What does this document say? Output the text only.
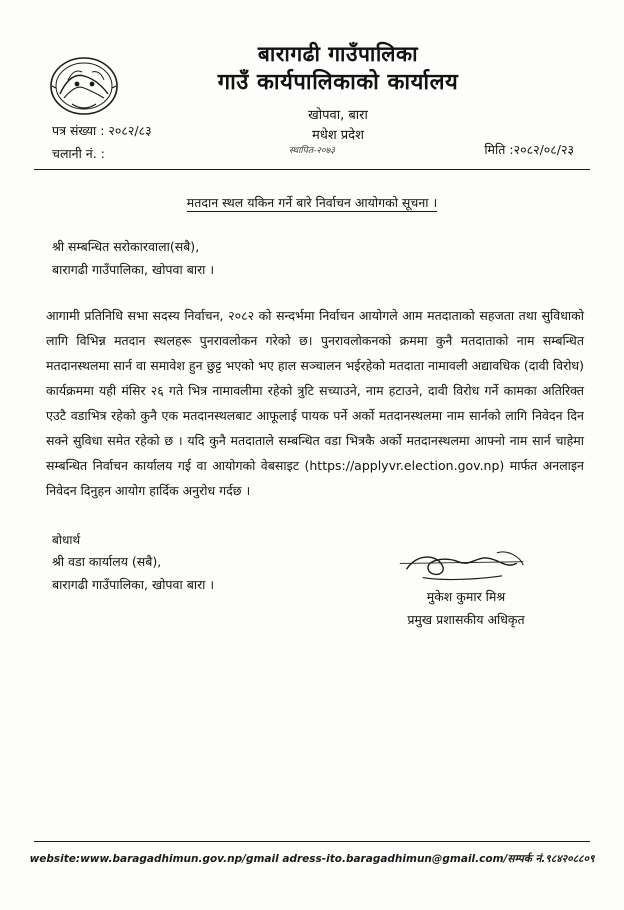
बारागढी गाउँपालिका
गाउँ कार्यपालिकाको कार्यालय
खोपवा, बारा
मधेश प्रदेश
पत्र संख्या : २०८२/८३
चलानी नं. :	स्थापित-२०७३	मिति :२०८२/०८/२३
मतदान स्थल यकिन गर्ने बारे निर्वाचन आयोगको सूचना ।
श्री सम्बन्धित सरोकारवाला(सबै),
बारागढी गाउँपालिका, खोपवा बारा ।
आगामी प्रतिनिधि सभा सदस्य निर्वाचन, २०८२ को सन्दर्भमा निर्वाचन आयोगले आम मतदाताको सहजता तथा सुविधाको लागि विभिन्न मतदान स्थलहरू पुनरावलोकन गरेको छ। पुनरावलोकनको क्रममा कुनै मतदाताको नाम सम्बन्धित मतदानस्थलमा सार्न वा समावेश हुन छुट्ट भएको भए हाल सञ्चालन भईरहेको मतदाता नामावली अद्यावधिक (दावी विरोध) कार्यक्रममा यही मंसिर २६ गते भित्र नामावलीमा रहेको त्रुटि सच्याउने, नाम हटाउने, दावी विरोध गर्ने कामका अतिरिक्त एउटै वडाभित्र रहेको कुनै एक मतदानस्थलबाट आफूलाई पायक पर्ने अर्को मतदानस्थलमा नाम सार्नको लागि निवेदन दिन सक्ने सुविधा समेत रहेको छ । यदि कुनै मतदाताले सम्बन्धित वडा भित्रकै अर्को मतदानस्थलमा आफ्नो नाम सार्न चाहेमा सम्बन्धित निर्वाचन कार्यालय गई वा आयोगको वेबसाइट (https://applyvr.election.gov.np) मार्फत अनलाइन निवेदन दिनुहन आयोग हार्दिक अनुरोध गर्दछ ।
बोधार्थ
श्री वडा कार्यालय (सबै),
बारागढी गाउँपालिका, खोपवा बारा ।
मुकेश कुमार मिश्र
प्रमुख प्रशासकीय अधिकृत
website:www.baragadhimun.gov.np/gmail adress-ito.baragadhimun@gmail.com/सम्पर्क नं.९८४२०८८०९
